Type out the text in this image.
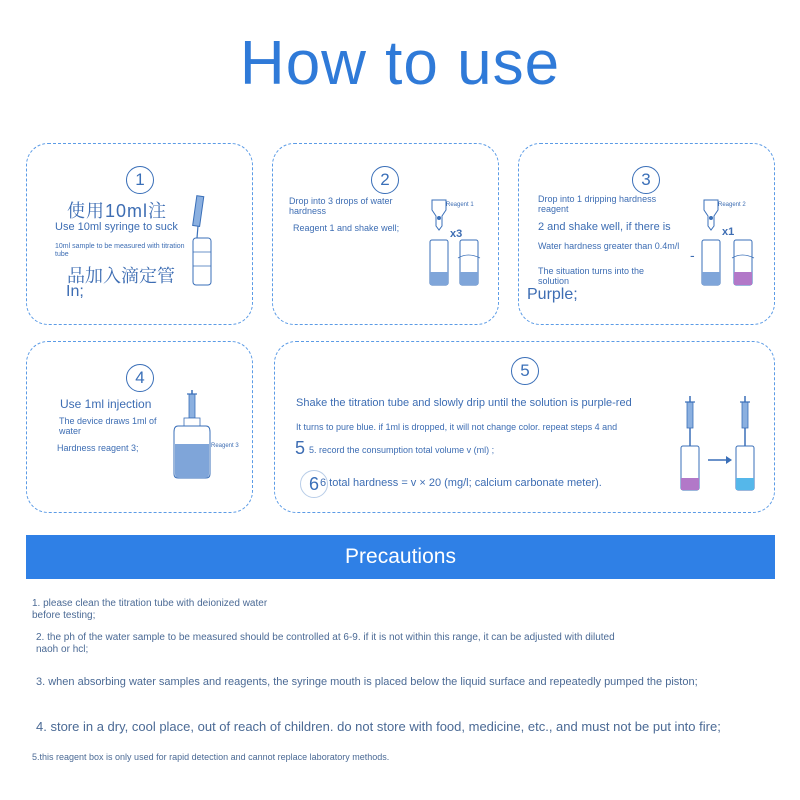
How to use
1
使用10ml注
Use 10ml syringe to suck
10ml sample to be measured with titration tube
品加入滴定管
In;
2
Drop into 3 drops of water hardness
Reagent 1 and shake well;
Reagent 1
x3
3
Drop into 1 dripping hardness reagent
2 and shake well, if there is
Water hardness greater than 0.4m/l
The situation turns into the solution
Purple;
-
Reagent 2
x1
4
Use 1ml injection
The device draws 1ml of water
Hardness reagent 3;	Reagent 3
5
Shake the titration tube and slowly drip until the solution is purple-red
It turns to pure blue. if 1ml is dropped, it will not change color. repeat steps 4 and
5 5. record the consumption total volume v (ml) ;
6 6 total hardness = v × 20 (mg/l; calcium carbonate meter).
Precautions
1. please clean the titration tube with deionized water before testing;
2. the ph of the water sample to be measured should be controlled at 6-9. if it is not within this range, it can be adjusted with diluted naoh or hcl;
3. when absorbing water samples and reagents, the syringe mouth is placed below the liquid surface and repeatedly pumped the piston;
4. store in a dry, cool place, out of reach of children. do not store with food, medicine, etc., and must not be put into fire;
5.this reagent box is only used for rapid detection and cannot replace laboratory methods.
